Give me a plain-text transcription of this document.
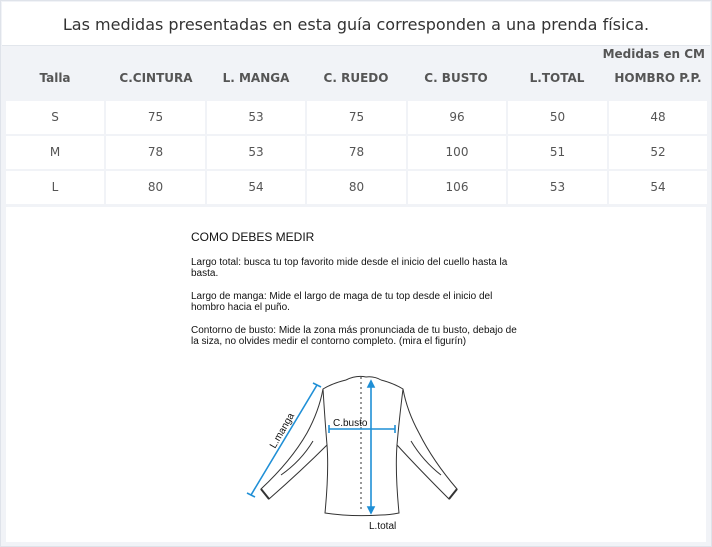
Las medidas presentadas en esta guía corresponden a una prenda física.
Medidas en CM
Talla	C.CINTURA	L. MANGA	C. RUEDO	C. BUSTO	L.TOTAL	HOMBRO P.P.
S	75	53	75	96	50	48
M	78	53	78	100	51	52
L	80	54	80	106	53	54
COMO DEBES MEDIR
Largo total: busca tu top favorito mide desde el inicio del cuello hasta la basta.
Largo de manga: Mide el largo de maga de tu top desde el inicio del hombro hacia el puño.
Contorno de busto: Mide la zona más pronunciada de tu busto, debajo de la siza, no olvides medir el contorno completo. (mira el figurín)
L.manga	C.busto
L.total
